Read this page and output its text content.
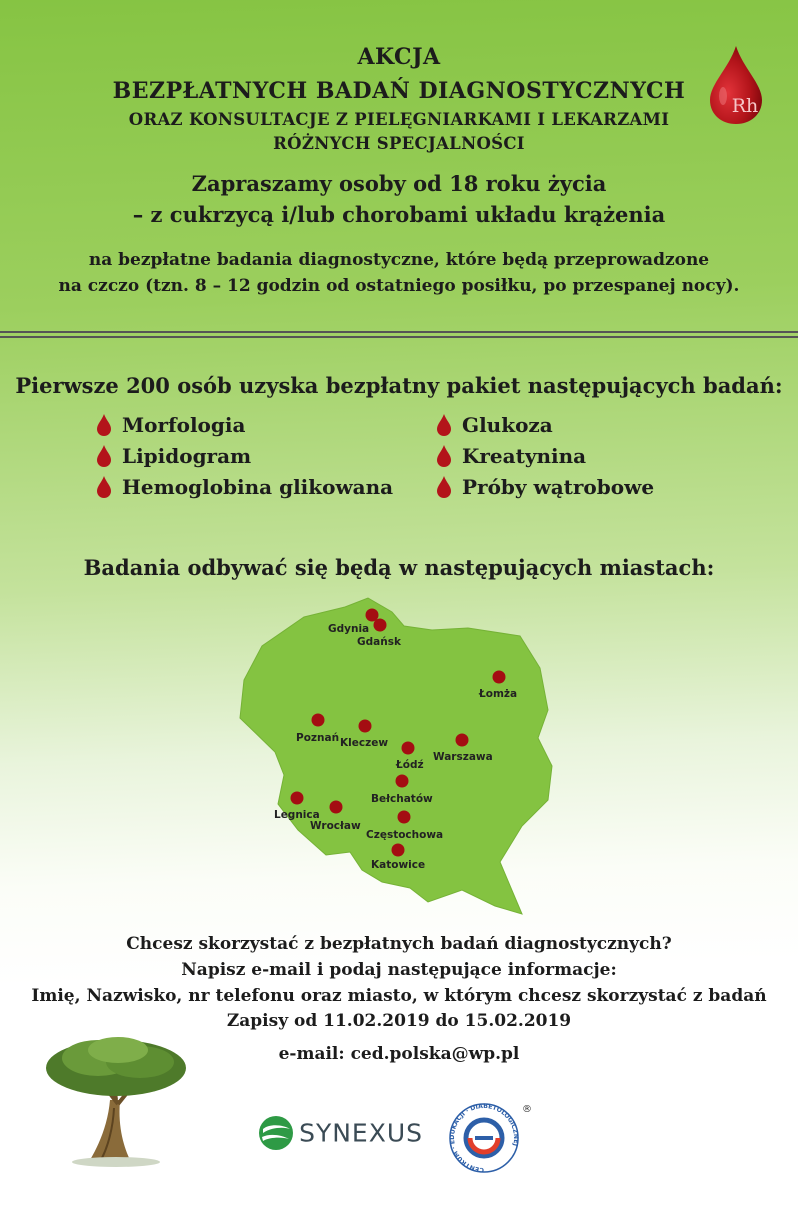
Rh
AKCJA
BEZPŁATNYCH BADAŃ DIAGNOSTYCZNYCH
ORAZ KONSULTACJE Z PIELĘGNIARKAMI I LEKARZAMI
RÓŻNYCH SPECJALNOŚCI
Zapraszamy osoby od 18 roku życia
– z cukrzycą i/lub chorobami układu krążenia
na bezpłatne badania diagnostyczne, które będą przeprowadzone
na czczo (tzn. 8 – 12 godzin od ostatniego posiłku, po przespanej nocy).
Pierwsze 200 osób uzyska bezpłatny pakiet następujących badań:
Morfologia
Lipidogram
Hemoglobina glikowana
Glukoza
Kreatynina
Próby wątrobowe
Badania odbywać się będą w następujących miastach:
Gdynia
Gdańsk
Łomża
Poznań Kleczew
Łódź
Warszawa
Bełchatów
Legnica
Wrocław
Częstochowa
Katowice
Chcesz skorzystać z bezpłatnych badań diagnostycznych?
Napisz e-mail i podaj następujące informacje:
Imię, Nazwisko, nr telefonu oraz miasto, w którym chcesz skorzystać z badań
Zapisy od 11.02.2019 do 15.02.2019
e-mail: ced.polska@wp.pl
SYNEXUS
CENTRUM · EDUKACJI · DIABETOLOGICZNEJ
®
